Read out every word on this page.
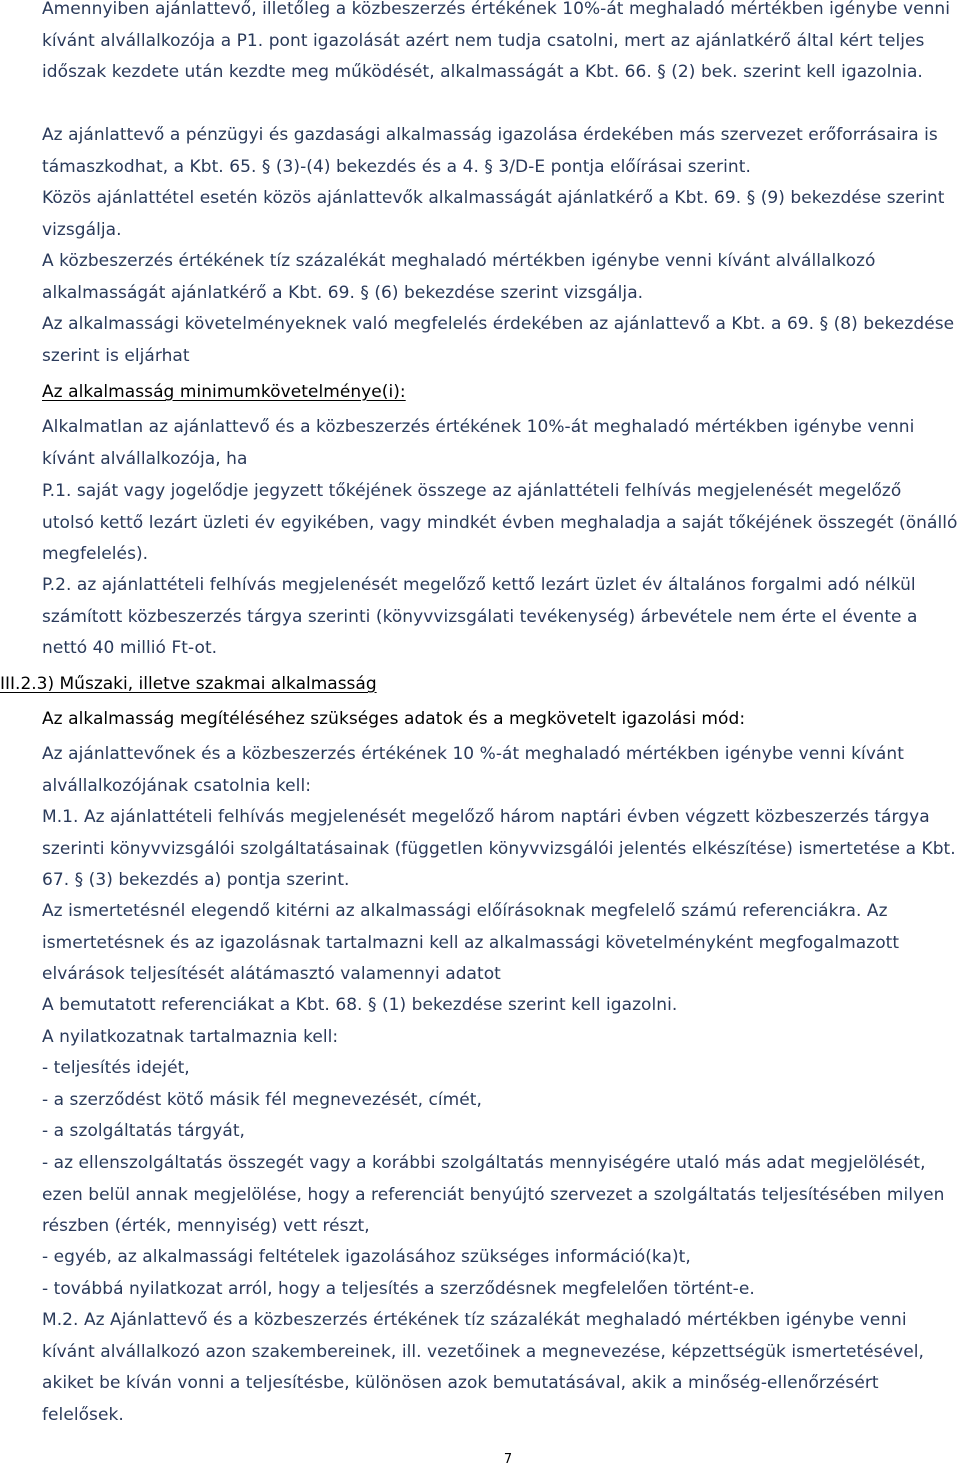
Amennyiben ajánlattevő, illetőleg a közbeszerzés értékének 10%-át meghaladó mértékben igénybe venni kívánt alvállalkozója a P1. pont igazolását azért nem tudja csatolni, mert az ajánlatkérő által kért teljes időszak kezdete után kezdte meg működését, alkalmasságát a Kbt. 66. § (2) bek. szerint kell igazolnia.

Az ajánlattevő a pénzügyi és gazdasági alkalmasság igazolása érdekében más szervezet erőforrásaira is támaszkodhat, a Kbt. 65. § (3)-(4) bekezdés és a 4. § 3/D-E pontja előírásai szerint.

Közös ajánlattétel esetén közös ajánlattevők alkalmasságát ajánlatkérő a Kbt. 69. § (9) bekezdése szerint vizsgálja.

A közbeszerzés értékének tíz százalékát meghaladó mértékben igénybe venni kívánt alvállalkozó alkalmasságát ajánlatkérő a Kbt. 69. § (6) bekezdése szerint vizsgálja.

Az alkalmassági követelményeknek való megfelelés érdekében az ajánlattevő a Kbt. a 69. § (8) bekezdése szerint is eljárhat

Az alkalmasság minimumkövetelménye(i):

Alkalmatlan az ajánlattevő és a közbeszerzés értékének 10%-át meghaladó mértékben igénybe venni kívánt alvállalkozója, ha

P.1. saját vagy jogelődje jegyzett tőkéjének összege az ajánlattételi felhívás megjelenését megelőző utolsó kettő lezárt üzleti év egyikében, vagy mindkét évben meghaladja a saját tőkéjének összegét (önálló megfelelés).

P.2. az ajánlattételi felhívás megjelenését megelőző kettő lezárt üzlet év általános forgalmi adó nélkül számított közbeszerzés tárgya szerinti (könyvvizsgálati tevékenység) árbevétele nem érte el évente a nettó 40 millió Ft-ot.

III.2.3) Műszaki, illetve szakmai alkalmasság

Az alkalmasság megítéléséhez szükséges adatok és a megkövetelt igazolási mód:

Az ajánlattevőnek és a közbeszerzés értékének 10 %-át meghaladó mértékben igénybe venni kívánt alvállalkozójának csatolnia kell:

M.1. Az ajánlattételi felhívás megjelenését megelőző három naptári évben végzett közbeszerzés tárgya szerinti könyvvizsgálói szolgáltatásainak (független könyvvizsgálói jelentés elkészítése) ismertetése a Kbt. 67. § (3) bekezdés a) pontja szerint.

Az ismertetésnél elegendő kitérni az alkalmassági előírásoknak megfelelő számú referenciákra. Az ismertetésnek és az igazolásnak tartalmazni kell az alkalmassági követelményként megfogalmazott elvárások teljesítését alátámasztó valamennyi adatot

A bemutatott referenciákat a Kbt. 68. § (1) bekezdése szerint kell igazolni.

A nyilatkozatnak tartalmaznia kell:

- teljesítés idejét,

- a szerződést kötő másik fél megnevezését, címét,

- a szolgáltatás tárgyát,

- az ellenszolgáltatás összegét vagy a korábbi szolgáltatás mennyiségére utaló más adat megjelölését, ezen belül annak megjelölése, hogy a referenciát benyújtó szervezet a szolgáltatás teljesítésében milyen részben (érték, mennyiség) vett részt,

- egyéb, az alkalmassági feltételek igazolásához szükséges információ(ka)t,

- továbbá nyilatkozat arról, hogy a teljesítés a szerződésnek megfelelően történt-e.

M.2. Az Ajánlattevő és a közbeszerzés értékének tíz százalékát meghaladó mértékben igénybe venni kívánt alvállalkozó azon szakembereinek, ill. vezetőinek a megnevezése, képzettségük ismertetésével, akiket be kíván vonni a teljesítésbe, különösen azok bemutatásával, akik a minőség-ellenőrzésért felelősek.

7
